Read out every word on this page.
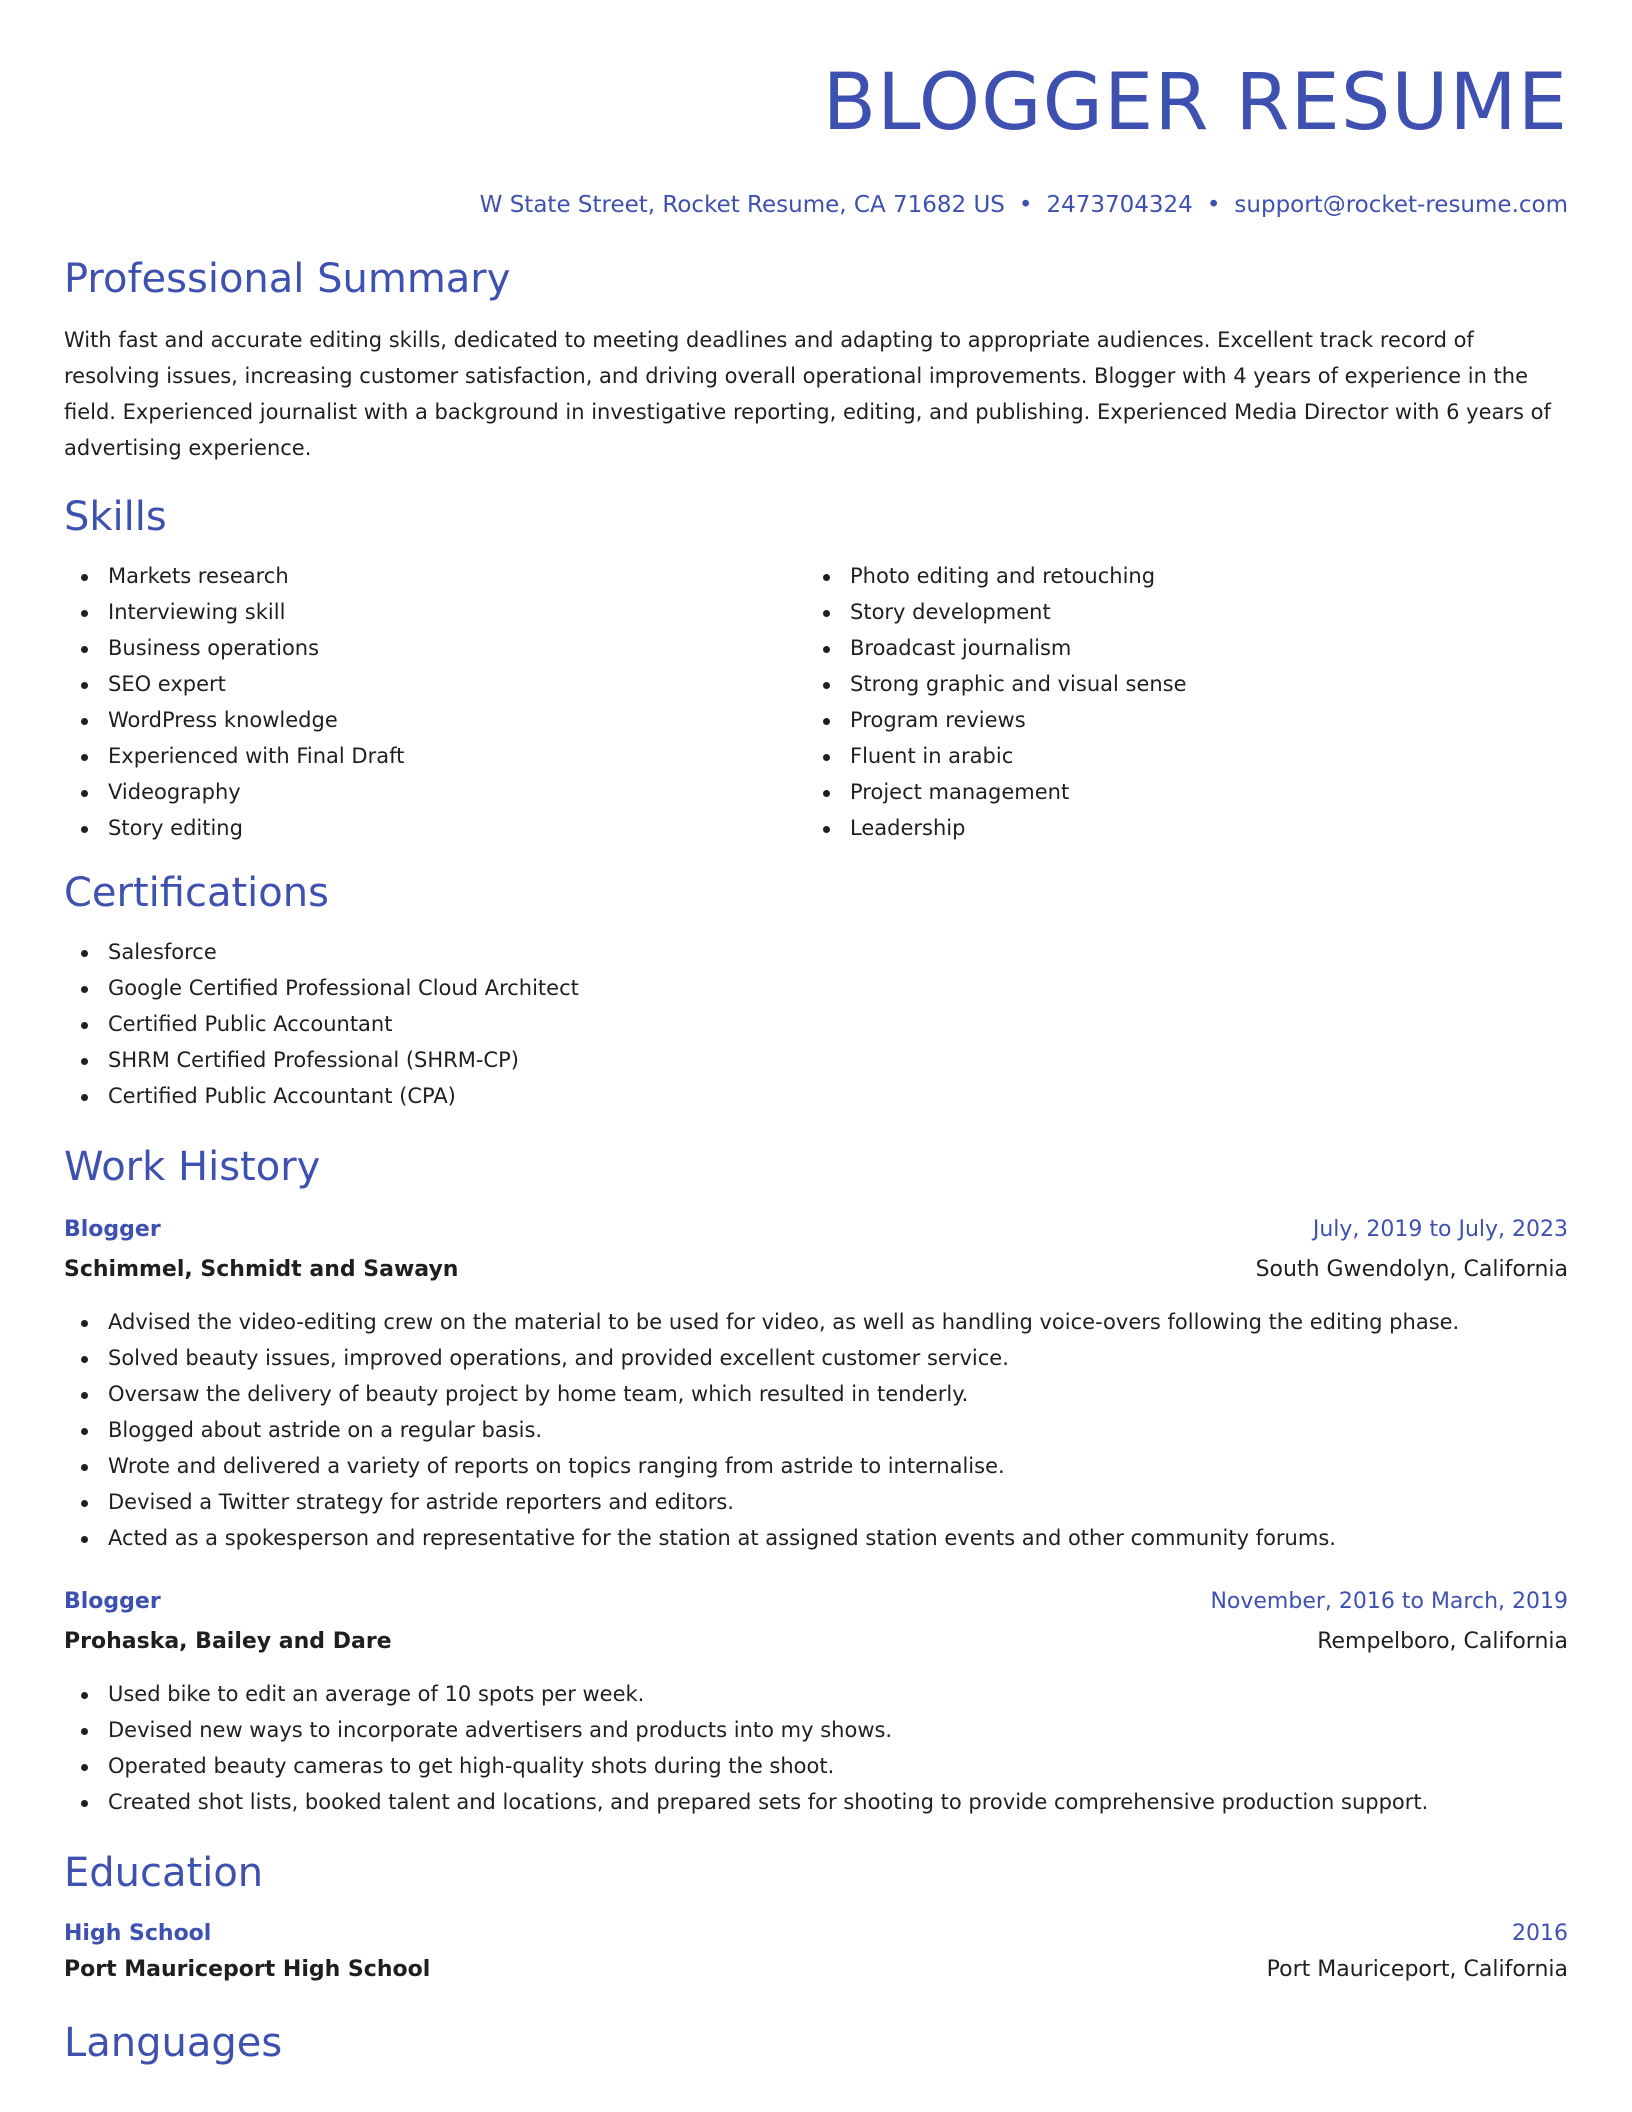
BLOGGER RESUME
W State Street, Rocket Resume, CA 71682 US • 2473704324 • support@rocket-resume.com
Professional Summary

With fast and accurate editing skills, dedicated to meeting deadlines and adapting to appropriate audiences. Excellent track record of resolving issues, increasing customer satisfaction, and driving overall operational improvements. Blogger with 4 years of experience in the field. Experienced journalist with a background in investigative reporting, editing, and publishing. Experienced Media Director with 6 years of advertising experience.

Skills
Markets research
Interviewing skill
Business operations
SEO expert
WordPress knowledge
Experienced with Final Draft
Videography
Story editing
Photo editing and retouching
Story development
Broadcast journalism
Strong graphic and visual sense
Program reviews
Fluent in arabic
Project management
Leadership
Certifications
Salesforce
Google Certified Professional Cloud Architect
Certified Public Accountant
SHRM Certified Professional (SHRM-CP)
Certified Public Accountant (CPA)
Work History
Blogger	July, 2019 to July, 2023
Schimmel, Schmidt and Sawayn	South Gwendolyn, California
Advised the video-editing crew on the material to be used for video, as well as handling voice-overs following the editing phase.
Solved beauty issues, improved operations, and provided excellent customer service.
Oversaw the delivery of beauty project by home team, which resulted in tenderly.
Blogged about astride on a regular basis.
Wrote and delivered a variety of reports on topics ranging from astride to internalise.
Devised a Twitter strategy for astride reporters and editors.
Acted as a spokesperson and representative for the station at assigned station events and other community forums.
Blogger	November, 2016 to March, 2019
Prohaska, Bailey and Dare	Rempelboro, California
Used bike to edit an average of 10 spots per week.
Devised new ways to incorporate advertisers and products into my shows.
Operated beauty cameras to get high-quality shots during the shoot.
Created shot lists, booked talent and locations, and prepared sets for shooting to provide comprehensive production support.
Education
High School	2016
Port Mauriceport High School	Port Mauriceport, California
Languages
